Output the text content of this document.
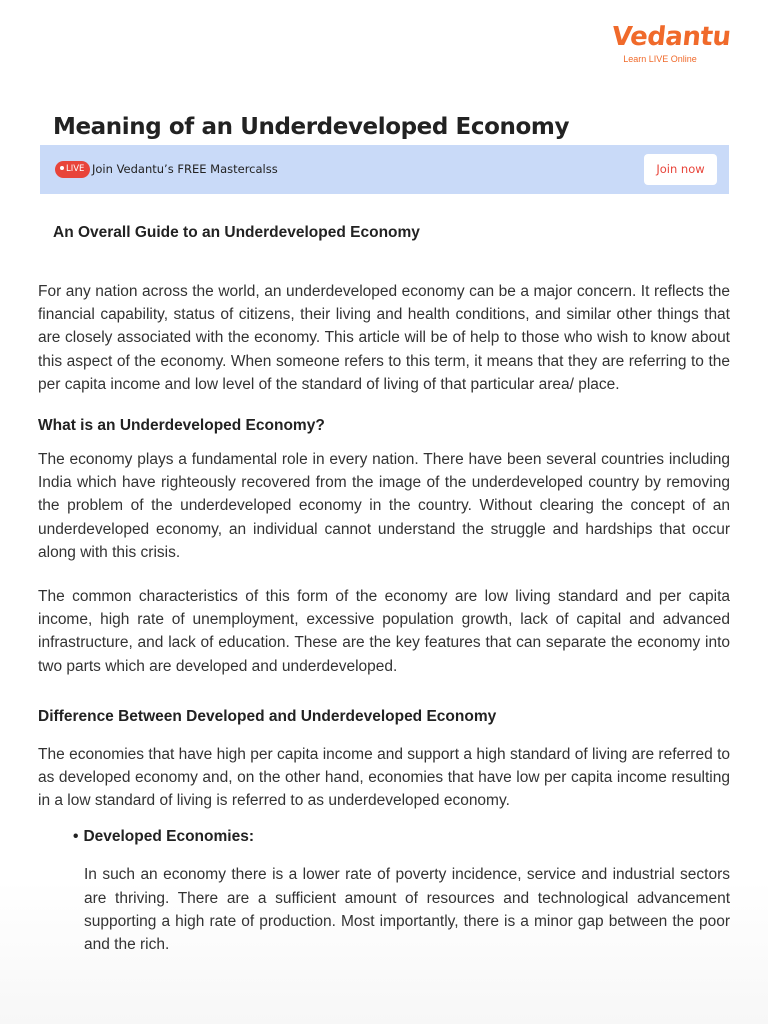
Vedantu
Learn LIVE Online
Meaning of an Underdeveloped Economy
LIVE Join Vedantu’s FREE Mastercalss	Join now
An Overall Guide to an Underdeveloped Economy

For any nation across the world, an underdeveloped economy can be a major concern. It reflects the financial capability, status of citizens, their living and health conditions, and similar other things that are closely associated with the economy. This article will be of help to those who wish to know about this aspect of the economy. When someone refers to this term, it means that they are referring to the per capita income and low level of the standard of living of that particular area/ place.

What is an Underdeveloped Economy?

The economy plays a fundamental role in every nation. There have been several countries including India which have righteously recovered from the image of the underdeveloped country by removing the problem of the underdeveloped economy in the country. Without clearing the concept of an underdeveloped economy, an individual cannot understand the struggle and hardships that occur along with this crisis.

The common characteristics of this form of the economy are low living standard and per capita income, high rate of unemployment, excessive population growth, lack of capital and advanced infrastructure, and lack of education. These are the key features that can separate the economy into two parts which are developed and underdeveloped.

Difference Between Developed and Underdeveloped Economy

The economies that have high per capita income and support a high standard of living are referred to as developed economy and, on the other hand, economies that have low per capita income resulting in a low standard of living is referred to as underdeveloped economy.

• Developed Economies:

In such an economy there is a lower rate of poverty incidence, service and industrial sectors are thriving. There are a sufficient amount of resources and technological advancement supporting a high rate of production. Most importantly, there is a minor gap between the poor and the rich.
